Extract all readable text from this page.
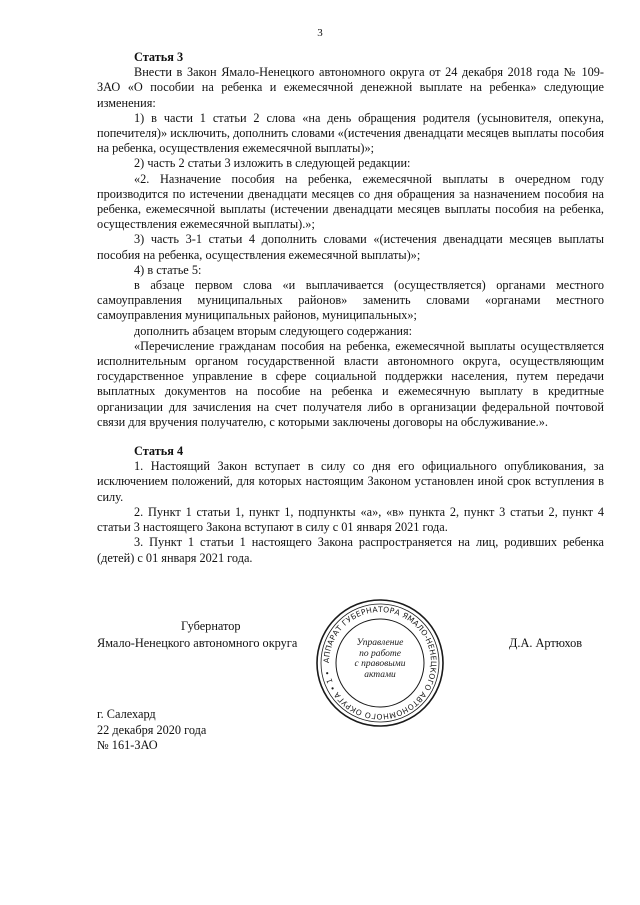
3

Статья 3

Внести в Закон Ямало-Ненецкого автономного округа от 24 декабря 2018 года № 109-ЗАО «О пособии на ребенка и ежемесячной денежной выплате на ребенка» следующие изменения:

1) в части 1 статьи 2 слова «на день обращения родителя (усыновителя, опекуна, попечителя)» исключить, дополнить словами «(истечения двенадцати месяцев выплаты пособия на ребенка, осуществления ежемесячной выплаты)»;

2) часть 2 статьи 3 изложить в следующей редакции:

«2. Назначение пособия на ребенка, ежемесячной выплаты в очередном году производится по истечении двенадцати месяцев со дня обращения за назначением пособия на ребенка, ежемесячной выплаты (истечении двенадцати месяцев выплаты пособия на ребенка, осуществления ежемесячной выплаты).»;

3) часть 3-1 статьи 4 дополнить словами «(истечения двенадцати месяцев выплаты пособия на ребенка, осуществления ежемесячной выплаты)»;

4) в статье 5:

в абзаце первом слова «и выплачивается (осуществляется) органами местного самоуправления муниципальных районов» заменить словами «органами местного самоуправления муниципальных районов, муниципальных»;

дополнить абзацем вторым следующего содержания:

«Перечисление гражданам пособия на ребенка, ежемесячной выплаты осуществляется исполнительным органом государственной власти автономного округа, осуществляющим государственное управление в сфере социальной поддержки населения, путем передачи выплатных документов на пособие на ребенка и ежемесячную выплату в кредитные организации для зачисления на счет получателя либо в организации федеральной почтовой связи для вручения получателю, с которыми заключены договоры на обслуживание.».

Статья 4

1. Настоящий Закон вступает в силу со дня его официального опубликования, за исключением положений, для которых настоящим Законом установлен иной срок вступления в силу.

2. Пункт 1 статьи 1, пункт 1, подпункты «а», «в» пункта 2, пункт 3 статьи 2, пункт 4 статьи 3 настоящего Закона вступают в силу с 01 января 2021 года.

3. Пункт 1 статьи 1 настоящего Закона распространяется на лиц, родивших ребенка (детей) с 01 января 2021 года.

Губернатор
Ямало-Ненецкого автономного округа	Д.А. Артюхов
АППАРАТ ГУБЕРНАТОРА ЯМАЛО-НЕНЕЦКОГО АВТОНОМНОГО ОКРУГА • 1 •
Управление
по работе
с правовыми
актами
г. Салехард
22 декабря 2020 года
№ 161-ЗАО
